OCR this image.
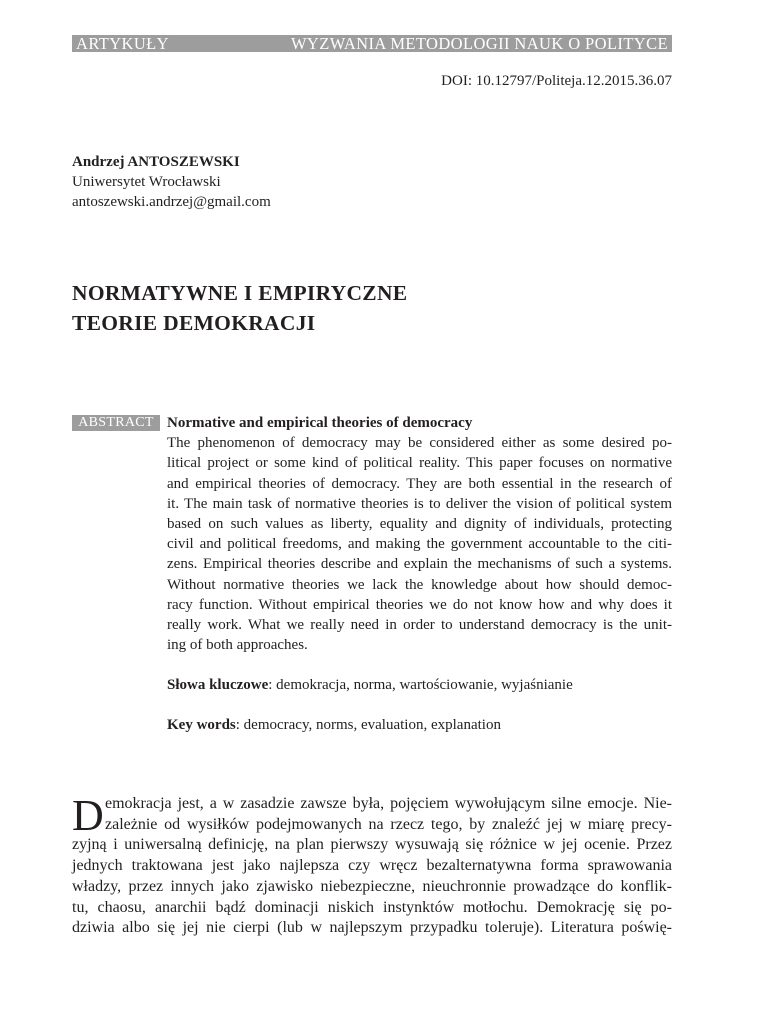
ARTYKUŁY	WYZWANIA METODOLOGII NAUK O POLITYCE
DOI: 10.12797/Politeja.12.2015.36.07
Andrzej ANTOSZEWSKI
Uniwersytet Wrocławski
antoszewski.andrzej@gmail.com
NORMATYWNE I EMPIRYCZNE
TEORIE DEMOKRACJI
ABSTRACT Normative and empirical theories of democracy
The phenomenon of democracy may be considered either as some desired po-
litical project or some kind of political reality. This paper focuses on normative
and empirical theories of democracy. They are both essential in the research of
it. The main task of normative theories is to deliver the vision of political system
based on such values as liberty, equality and dignity of individuals, protecting
civil and political freedoms, and making the government accountable to the citi-
zens. Empirical theories describe and explain the mechanisms of such a systems.
Without normative theories we lack the knowledge about how should democ-
racy function. Without empirical theories we do not know how and why does it
really work. What we really need in order to understand democracy is the unit-
ing of both approaches.
Słowa kluczowe: demokracja, norma, wartościowanie, wyjaśnianie
Key words: democracy, norms, evaluation, explanation
D emokracja jest, a w zasadzie zawsze była, pojęciem wywołującym silne emocje. Nie-
zależnie od wysiłków podejmowanych na rzecz tego, by znaleźć jej w miarę precy-
zyjną i uniwersalną definicję, na plan pierwszy wysuwają się różnice w jej ocenie. Przez
jednych traktowana jest jako najlepsza czy wręcz bezalternatywna forma sprawowania
władzy, przez innych jako zjawisko niebezpieczne, nieuchronnie prowadzące do konflik-
tu, chaosu, anarchii bądź dominacji niskich instynktów motłochu. Demokrację się po-
dziwia albo się jej nie cierpi (lub w najlepszym przypadku toleruje). Literatura poświę-
